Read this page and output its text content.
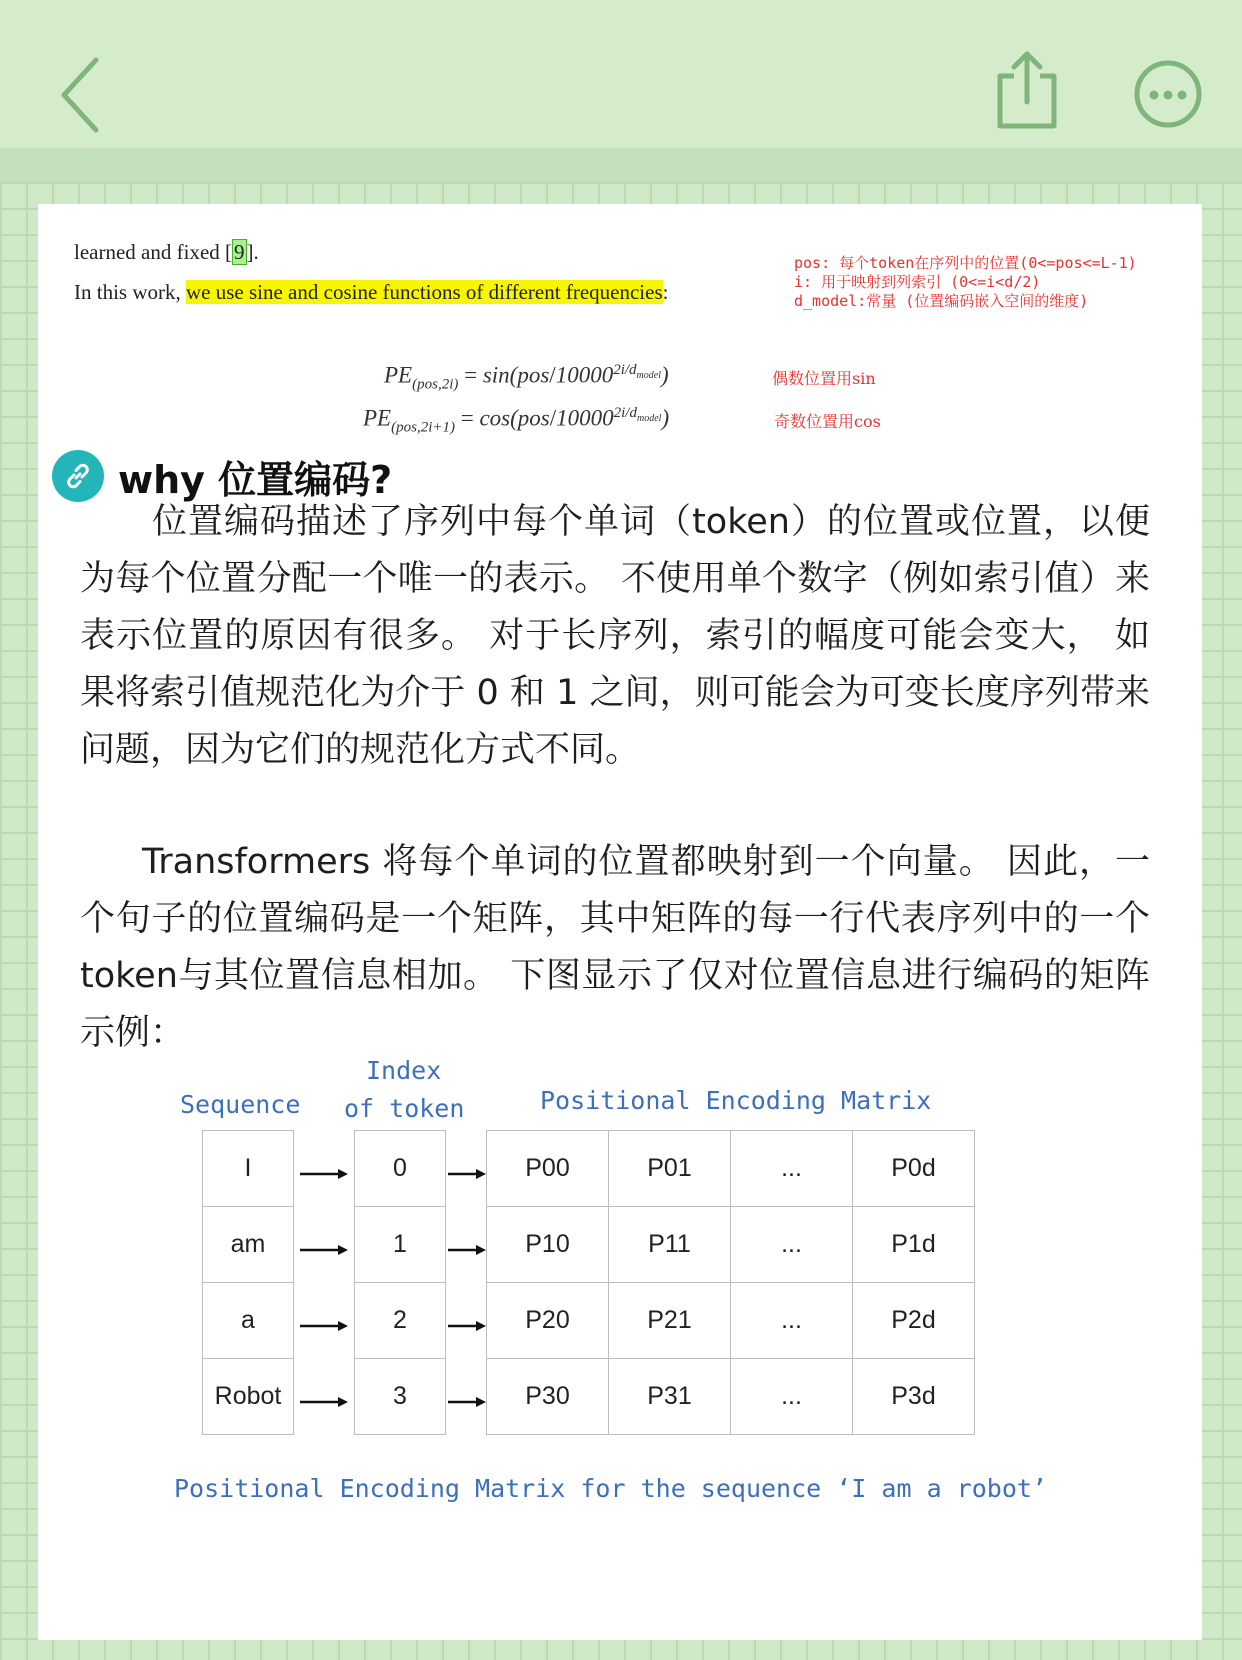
learned and fixed [9].
In this work, we use sine and cosine functions of different frequencies:
pos: 每个token在序列中的位置(0<=pos<=L-1)
i: 用于映射到列索引 (0<=i<d/2)
d_model:常量 (位置编码嵌入空间的维度)
$PE_{(pos,2i)} = \sin(pos/10000^{2i/d_{model}})$	偶数位置用sin
$PE_{(pos,2i+1)} = \cos(pos/10000^{2i/d_{model}})$	奇数位置用cos
why 位置编码?
位置编码描述了序列中每个单词（token）的位置或位置，以便为每个位置分配一个唯一的表示。 不使用单个数字（例如索引值）来表示位置的原因有很多。 对于长序列，索引的幅度可能会变大， 如果将索引值规范化为介于 0 和 1 之间，则可能会为可变长度序列带来问题，因为它们的规范化方式不同。
Transformers 将每个单词的位置都映射到一个向量。 因此，一个句子的位置编码是一个矩阵，其中矩阵的每一行代表序列中的一个token与其位置信息相加。 下图显示了仅对位置信息进行编码的矩阵示例：
Sequence
Index
of token	Positional Encoding Matrix
I	0	P00	P01	...	P0d
am	1	P10	P11	...	P1d
a	2	P20	P21	...	P2d
Robot	3	P30	P31	...	P3d
Positional Encoding Matrix for the sequence ‘I am a robot’
